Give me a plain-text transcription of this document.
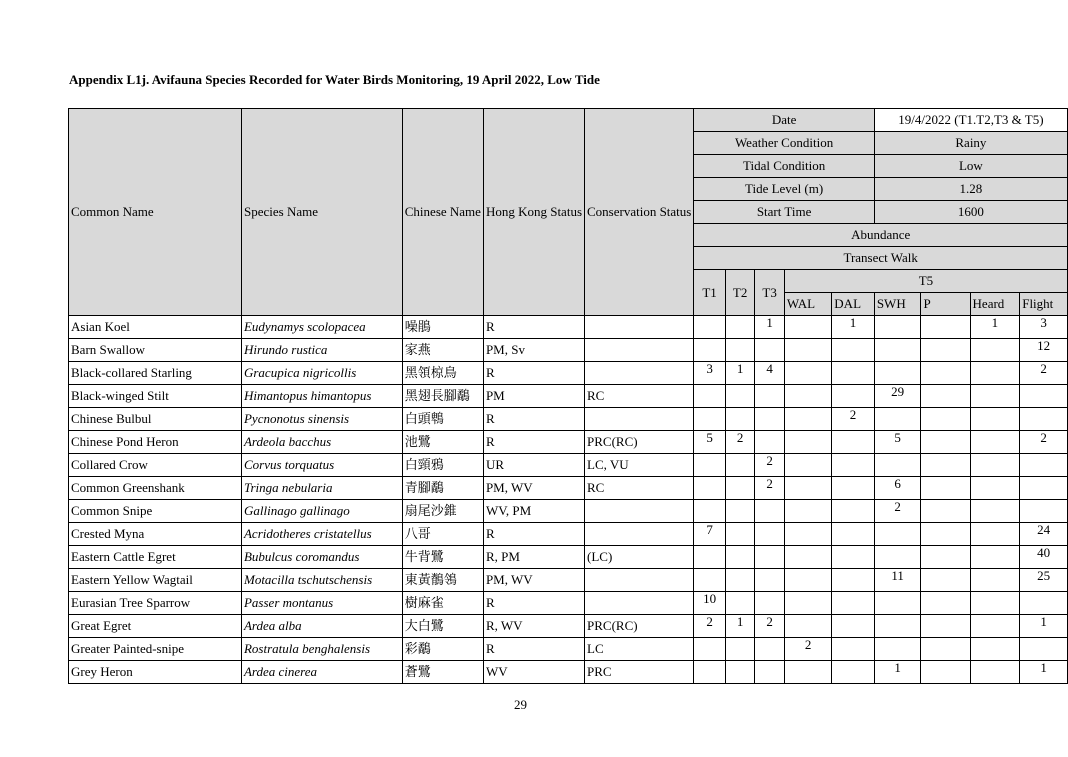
Appendix L1j. Avifauna Species Recorded for Water Birds Monitoring, 19 April 2022, Low Tide
Common Name	Species Name	Chinese Name	Hong Kong Status	Conservation Status	Date					19/4/2022 (T1.T2,T3 & T5)			
					Weather Condition					Rainy			
					Tidal Condition					Low			
					Tide Level (m)					1.28			
					Start Time					1600			
					Abundance								
					Transect Walk								
					T1	T2	T3	T5					
								WAL	DAL	SWH	P	Heard	Flight
Asian Koel	Eudynamys scolopacea	噪鵑	R				1		1			1	3
Barn Swallow	Hirundo rustica	家燕	PM, Sv										12
Black-collared Starling	Gracupica nigricollis	黑領椋鳥	R		3	1	4						2
Black-winged Stilt	Himantopus himantopus	黑翅長腳鷸	PM	RC						29			
Chinese Bulbul	Pycnonotus sinensis	白頭鵯	R						2				
Chinese Pond Heron	Ardeola bacchus	池鷺	R	PRC(RC)	5	2				5			2
Collared Crow	Corvus torquatus	白頸鴉	UR	LC, VU			2						
Common Greenshank	Tringa nebularia	青腳鷸	PM, WV	RC			2			6			
Common Snipe	Gallinago gallinago	扇尾沙錐	WV, PM							2			
Crested Myna	Acridotheres cristatellus	八哥	R		7								24
Eastern Cattle Egret	Bubulcus coromandus	牛背鷺	R, PM	(LC)									40
Eastern Yellow Wagtail	Motacilla tschutschensis	東黃鶺鴒	PM, WV							11			25
Eurasian Tree Sparrow	Passer montanus	樹麻雀	R		10								
Great Egret	Ardea alba	大白鷺	R, WV	PRC(RC)	2	1	2						1
Greater Painted-snipe	Rostratula benghalensis	彩鷸	R	LC				2					
Grey Heron	Ardea cinerea	蒼鷺	WV	PRC						1			1
29
